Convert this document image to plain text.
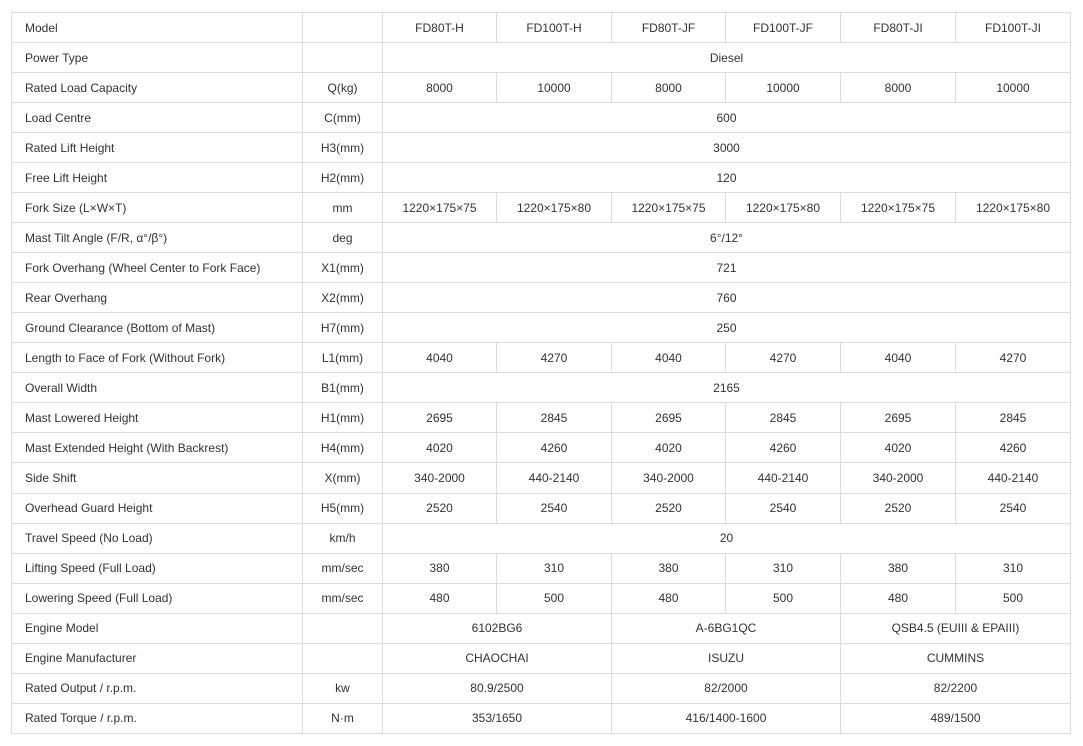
Model		FD80T-H	FD100T-H	FD80T-JF	FD100T-JF	FD80T-JI	FD100T-JI
Power Type		Diesel					
Rated Load Capacity	Q(kg)	8000	10000	8000	10000	8000	10000
Load Centre	C(mm)	600					
Rated Lift Height	H3(mm)	3000					
Free Lift Height	H2(mm)	120					
Fork Size (L×W×T)	mm	1220×175×75	1220×175×80	1220×175×75	1220×175×80	1220×175×75	1220×175×80
Mast Tilt Angle (F/R, α°/β°)	deg	6°/12°					
Fork Overhang (Wheel Center to Fork Face)	X1(mm)	721					
Rear Overhang	X2(mm)	760					
Ground Clearance (Bottom of Mast)	H7(mm)	250					
Length to Face of Fork (Without Fork)	L1(mm)	4040	4270	4040	4270	4040	4270
Overall Width	B1(mm)	2165					
Mast Lowered Height	H1(mm)	2695	2845	2695	2845	2695	2845
Mast Extended Height (With Backrest)	H4(mm)	4020	4260	4020	4260	4020	4260
Side Shift	X(mm)	340-2000	440-2140	340-2000	440-2140	340-2000	440-2140
Overhead Guard Height	H5(mm)	2520	2540	2520	2540	2520	2540
Travel Speed (No Load)	km/h	20					
Lifting Speed (Full Load)	mm/sec	380	310	380	310	380	310
Lowering Speed (Full Load)	mm/sec	480	500	480	500	480	500
Engine Model		6102BG6		A-6BG1QC		QSB4.5 (EUIII & EPAIII)	
Engine Manufacturer		CHAOCHAI		ISUZU		CUMMINS	
Rated Output / r.p.m.	kw	80.9/2500		82/2000		82/2200	
Rated Torque / r.p.m.	N·m	353/1650		416/1400-1600		489/1500	
